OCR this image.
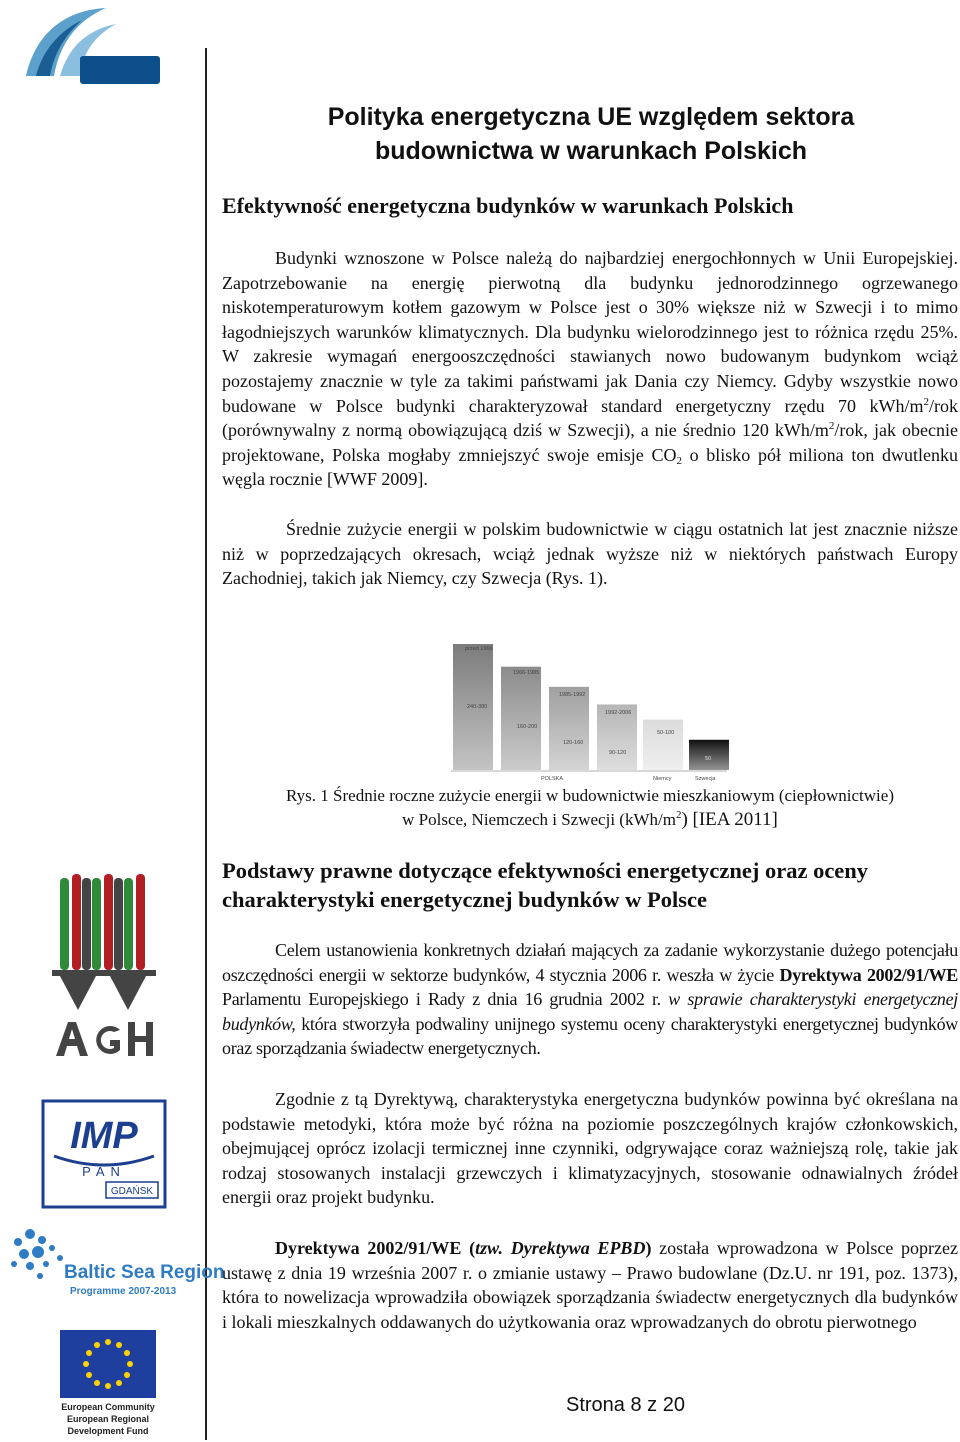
IMP
PAN
GDAŃSK
Baltic Sea Region
Programme 2007-2013
European Community
European Regional
Development Fund
Polityka energetyczna UE względem sektora
budownictwa w warunkach Polskich
Efektywność energetyczna budynków w warunkach Polskich

Budynki wznoszone w Polsce należą do najbardziej energochłonnych w Unii Europejskiej. Zapotrzebowanie na energię pierwotną dla budynku jednorodzinnego ogrzewanego niskotemperaturowym kotłem gazowym w Polsce jest o 30% większe niż w Szwecji i to mimo łagodniejszych warunków klimatycznych. Dla budynku wielorodzinnego jest to różnica rzędu 25%. W zakresie wymagań energooszczędności stawianych nowo budowanym budynkom wciąż pozostajemy znacznie w tyle za takimi państwami jak Dania czy Niemcy. Gdyby wszystkie nowo budowane w Polsce budynki charakteryzował standard energetyczny rzędu 70 kWh/$m^2$/rok (porównywalny z normą obowiązującą dziś w Szwecji), a nie średnio 120 kWh/$m^2$/rok, jak obecnie projektowane, Polska mogłaby zmniejszyć swoje emisje $CO_2$ o blisko pół miliona ton dwutlenku węgla rocznie [WWF 2009].

Średnie zużycie energii w polskim budownictwie w ciągu ostatnich lat jest znacznie niższe niż w poprzedzających okresach, wciąż jednak wyższe niż w niektórych państwach Europy Zachodniej, takich jak Niemcy, czy Szwecja (Rys. 1).

przed 1966
240-380
1966-1985
160-200
1985-1992
120-160
1992-2006
90-120
50-100
50
POLSKA	Niemcy	Szwecja

Rys. 1 Średnie roczne zużycie energii w budownictwie mieszkaniowym (ciepłownictwie)
w Polsce, Niemczech i Szwecji $(kWh/m^2)$ [IEA 2011]

Podstawy prawne dotyczące efektywności energetycznej oraz oceny charakterystyki energetycznej budynków w Polsce

Celem ustanowienia konkretnych działań mających za zadanie wykorzystanie dużego potencjału oszczędności energii w sektorze budynków, 4 stycznia 2006 r. weszła w życie Dyrektywa 2002/91/WE Parlamentu Europejskiego i Rady z dnia 16 grudnia 2002 r. w sprawie charakterystyki energetycznej budynków, która stworzyła podwaliny unijnego systemu oceny charakterystyki energetycznej budynków oraz sporządzania świadectw energetycznych.

Zgodnie z tą Dyrektywą, charakterystyka energetyczna budynków powinna być określana na podstawie metodyki, która może być różna na poziomie poszczególnych krajów członkowskich, obejmującej oprócz izolacji termicznej inne czynniki, odgrywające coraz ważniejszą rolę, takie jak rodzaj stosowanych instalacji grzewczych i klimatyzacyjnych, stosowanie odnawialnych źródeł energii oraz projekt budynku.

Dyrektywa 2002/91/WE (tzw. Dyrektywa EPBD) została wprowadzona w Polsce poprzez ustawę z dnia 19 września 2007 r. o zmianie ustawy – Prawo budowlane (Dz.U. nr 191, poz. 1373), która to nowelizacja wprowadziła obowiązek sporządzania świadectw energetycznych dla budynków i lokali mieszkalnych oddawanych do użytkowania oraz wprowadzanych do obrotu pierwotnego

Strona 8 z 20
